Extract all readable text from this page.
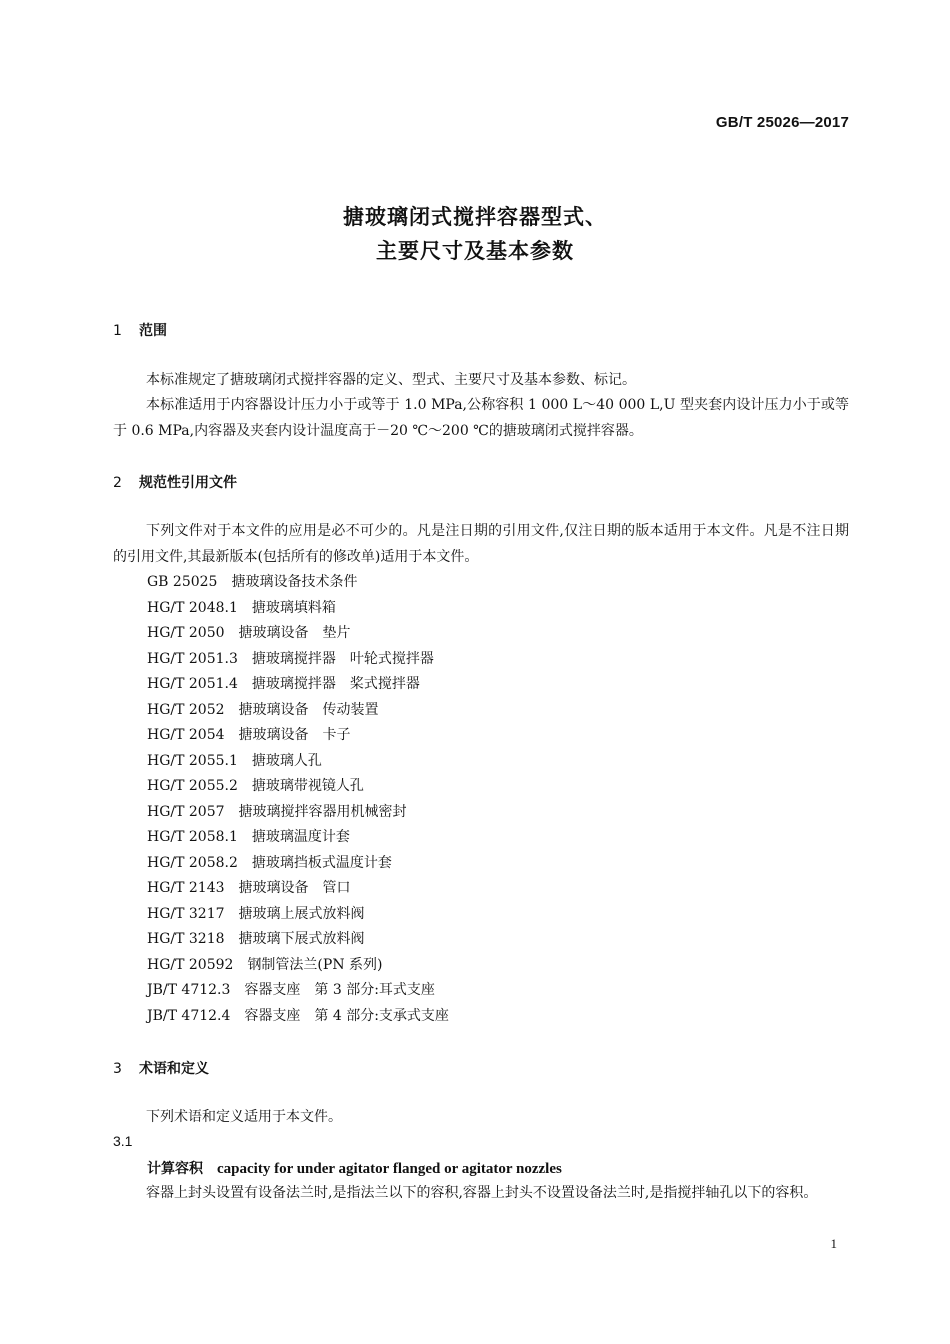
GB/T 25026—2017
搪玻璃闭式搅拌容器型式、
主要尺寸及基本参数
1 范围
本标准规定了搪玻璃闭式搅拌容器的定义、型式、主要尺寸及基本参数、标记。
本标准适用于内容器设计压力小于或等于 1.0 MPa,公称容积 1 000 L～40 000 L,U 型夹套内设计压力小于或等于 0.6 MPa,内容器及夹套内设计温度高于－20 ℃～200 ℃的搪玻璃闭式搅拌容器。
2 规范性引用文件
下列文件对于本文件的应用是必不可少的。凡是注日期的引用文件,仅注日期的版本适用于本文件。凡是不注日期的引用文件,其最新版本(包括所有的修改单)适用于本文件。
GB 25025 搪玻璃设备技术条件
HG/T 2048.1 搪玻璃填料箱
HG/T 2050 搪玻璃设备　垫片
HG/T 2051.3 搪玻璃搅拌器　叶轮式搅拌器
HG/T 2051.4 搪玻璃搅拌器　桨式搅拌器
HG/T 2052 搪玻璃设备　传动装置
HG/T 2054 搪玻璃设备　卡子
HG/T 2055.1 搪玻璃人孔
HG/T 2055.2 搪玻璃带视镜人孔
HG/T 2057 搪玻璃搅拌容器用机械密封
HG/T 2058.1 搪玻璃温度计套
HG/T 2058.2 搪玻璃挡板式温度计套
HG/T 2143 搪玻璃设备　管口
HG/T 3217 搪玻璃上展式放料阀
HG/T 3218 搪玻璃下展式放料阀
HG/T 20592 钢制管法兰(PN 系列)
JB/T 4712.3 容器支座　第 3 部分:耳式支座
JB/T 4712.4 容器支座　第 4 部分:支承式支座
3 术语和定义
下列术语和定义适用于本文件。
3.1
计算容积 capacity for under agitator flanged or agitator nozzles
容器上封头设置有设备法兰时,是指法兰以下的容积,容器上封头不设置设备法兰时,是指搅拌轴孔以下的容积。
1
